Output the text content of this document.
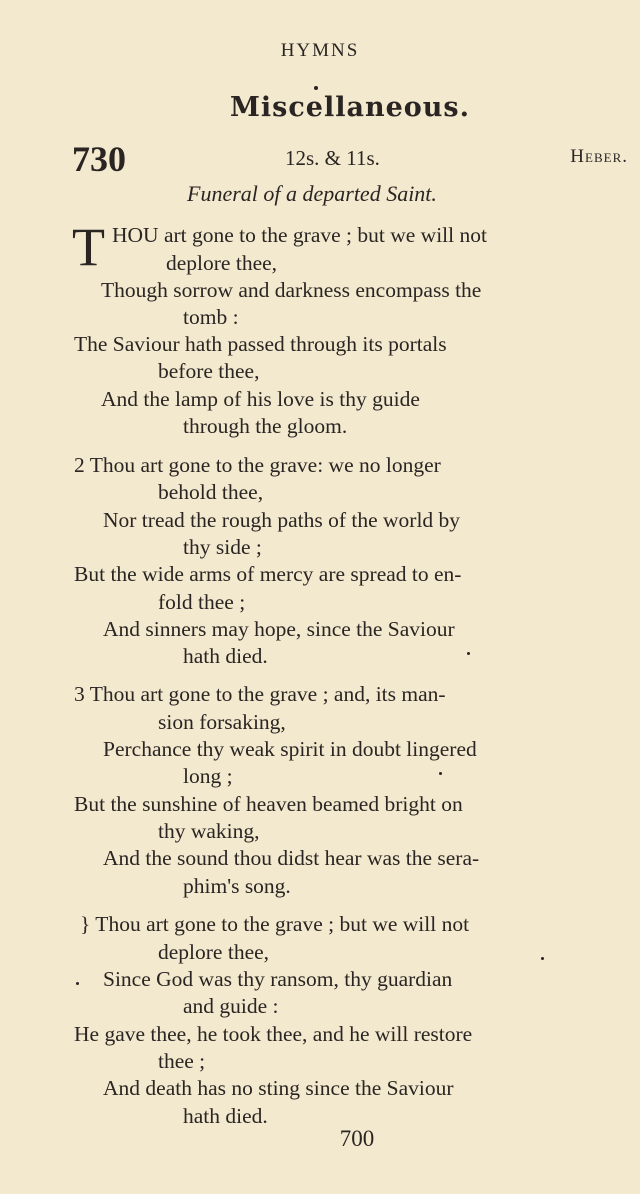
HYMNS
Miscellaneous.
730	12s. & 11s.	Heber.
Funeral of a departed Saint.
T HOU art gone to the grave ; but we will not
deplore thee,
Though sorrow and darkness encompass the
tomb :
The Saviour hath passed through its portals
before thee,
And the lamp of his love is thy guide
through the gloom.
2 Thou art gone to the grave: we no longer
behold thee,
Nor tread the rough paths of the world by
thy side ;
But the wide arms of mercy are spread to en-
fold thee ;
And sinners may hope, since the Saviour
hath died.
3 Thou art gone to the grave ; and, its man-
sion forsaking,
Perchance thy weak spirit in doubt lingered
long ;
But the sunshine of heaven beamed bright on
thy waking,
And the sound thou didst hear was the sera-
phim's song.
} Thou art gone to the grave ; but we will not
deplore thee,
Since God was thy ransom, thy guardian
and guide :
He gave thee, he took thee, and he will restore
thee ;
And death has no sting since the Saviour
hath died.
700
